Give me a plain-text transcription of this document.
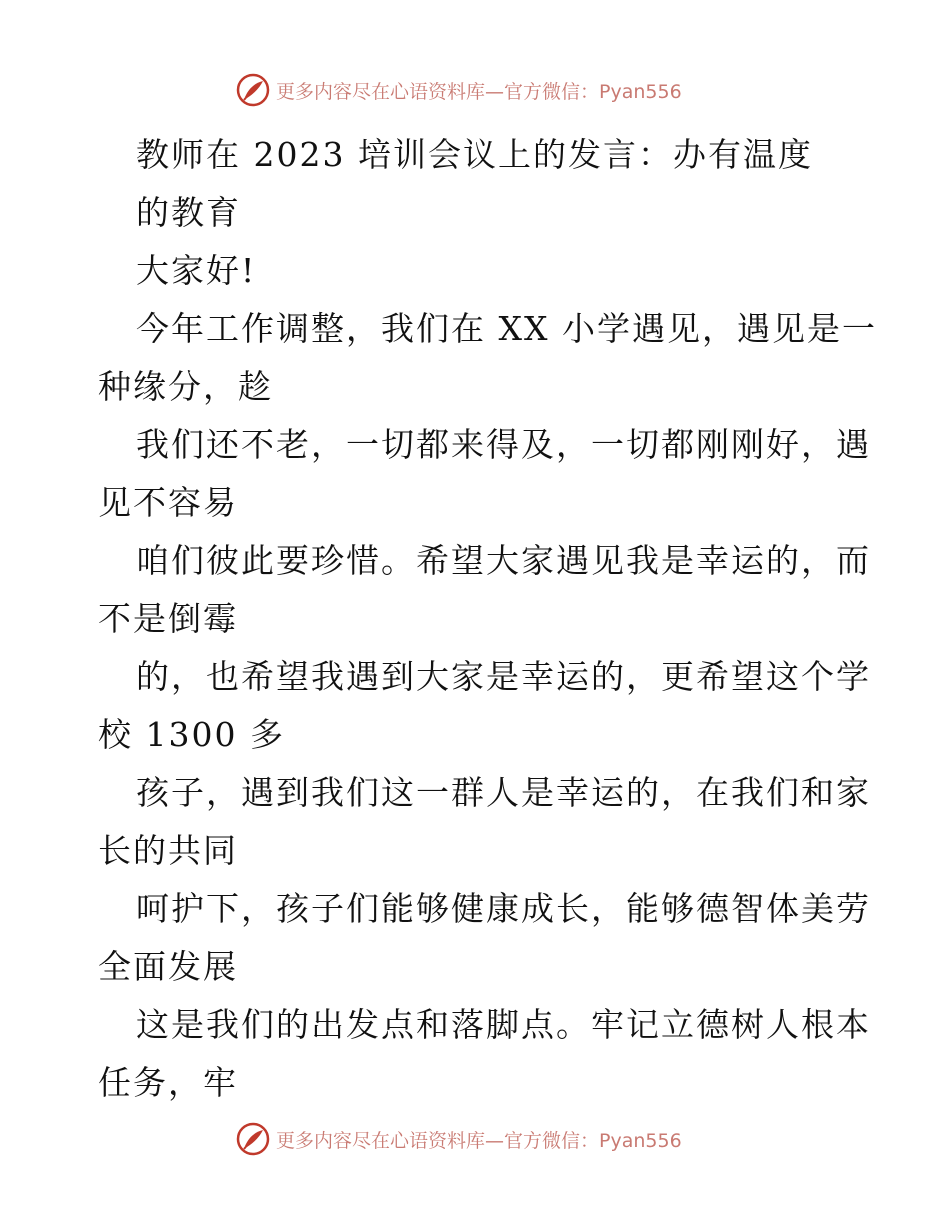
更多内容尽在心语资料库—官方微信：Pyan556
教师在 2023 培训会议上的发言：办有温度
的教育
大家好!
今年工作调整，我们在 XX 小学遇见，遇见是一
种缘分，趁
我们还不老，一切都来得及，一切都刚刚好，遇
见不容易
咱们彼此要珍惜。希望大家遇见我是幸运的，而
不是倒霉
的，也希望我遇到大家是幸运的，更希望这个学
校 1300 多
孩子，遇到我们这一群人是幸运的，在我们和家
长的共同
呵护下，孩子们能够健康成长，能够德智体美劳
全面发展
这是我们的出发点和落脚点。牢记立德树人根本
任务，牢
更多内容尽在心语资料库—官方微信：Pyan556
